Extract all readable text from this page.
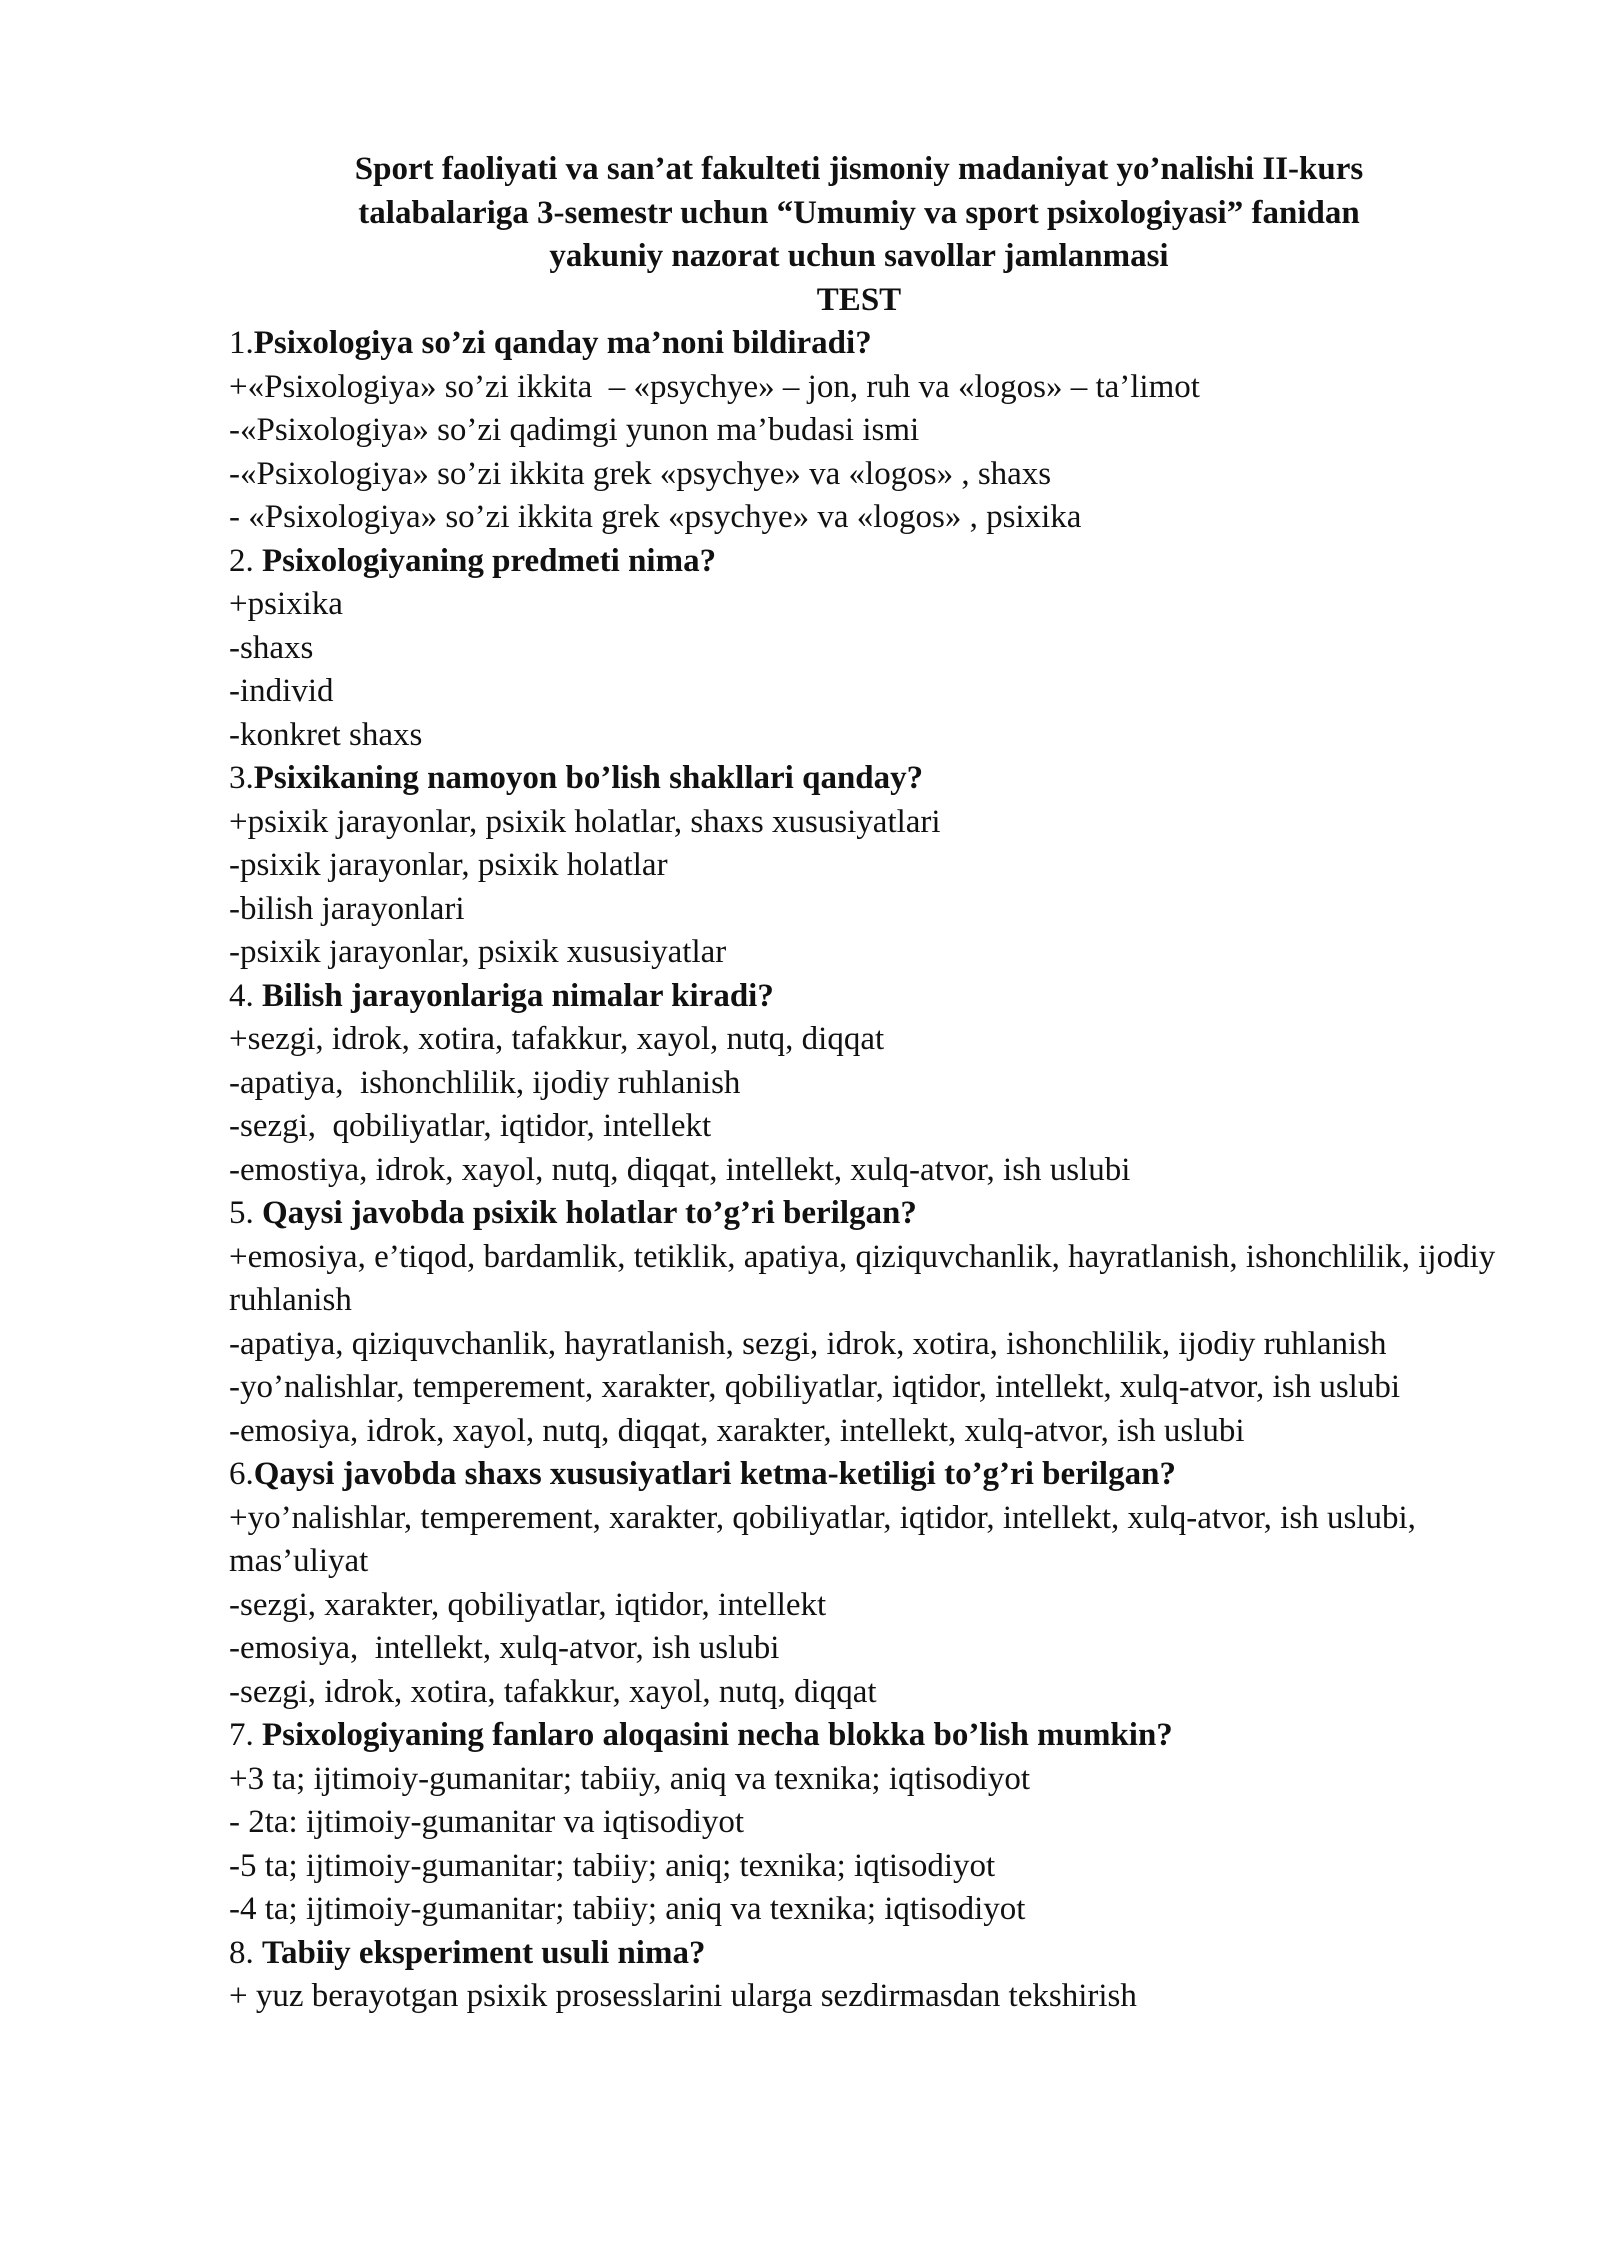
Sport faoliyati va san’at fakulteti jismoniy madaniyat yo’nalishi II-kurs
talabalariga 3-semestr uchun “Umumiy va sport psixologiyasi” fanidan
yakuniy nazorat uchun savollar jamlanmasi
TEST
1.Psixologiya so’zi qanday ma’noni bildiradi?
+«Psixologiya» so’zi ikkita  – «psychye» – jon, ruh va «logos» – ta’limot
-«Psixologiya» so’zi qadimgi yunon ma’budasi ismi
-«Psixologiya» so’zi ikkita grek «psychye» va «logos» , shaxs
- «Psixologiya» so’zi ikkita grek «psychye» va «logos» , psixika
2. Psixologiyaning predmeti nima?
+psixika
-shaxs
-individ
-konkret shaxs
3.Psixikaning namoyon bo’lish shakllari qanday?
+psixik jarayonlar, psixik holatlar, shaxs xususiyatlari
-psixik jarayonlar, psixik holatlar
-bilish jarayonlari
-psixik jarayonlar, psixik xususiyatlar
4. Bilish jarayonlariga nimalar kiradi?
+sezgi, idrok, xotira, tafakkur, xayol, nutq, diqqat
-apatiya,  ishonchlilik, ijodiy ruhlanish
-sezgi,  qobiliyatlar, iqtidor, intellekt
-emostiya, idrok, xayol, nutq, diqqat, intellekt, xulq-atvor, ish uslubi
5. Qaysi javobda psixik holatlar to’g’ri berilgan?
+emosiya, e’tiqod, bardamlik, tetiklik, apatiya, qiziquvchanlik, hayratlanish, ishonchlilik, ijodiy ruhlanish
-apatiya, qiziquvchanlik, hayratlanish, sezgi, idrok, xotira, ishonchlilik, ijodiy ruhlanish
-yo’nalishlar, temperement, xarakter, qobiliyatlar, iqtidor, intellekt, xulq-atvor, ish uslubi
-emosiya, idrok, xayol, nutq, diqqat, xarakter, intellekt, xulq-atvor, ish uslubi
6.Qaysi javobda shaxs xususiyatlari ketma-ketiligi to’g’ri berilgan?
+yo’nalishlar, temperement, xarakter, qobiliyatlar, iqtidor, intellekt, xulq-atvor, ish uslubi, mas’uliyat
-sezgi, xarakter, qobiliyatlar, iqtidor, intellekt
-emosiya,  intellekt, xulq-atvor, ish uslubi
-sezgi, idrok, xotira, tafakkur, xayol, nutq, diqqat
7. Psixologiyaning fanlaro aloqasini necha blokka bo’lish mumkin?
+3 ta; ijtimoiy-gumanitar; tabiiy, aniq va texnika; iqtisodiyot
- 2ta: ijtimoiy-gumanitar va iqtisodiyot
-5 ta; ijtimoiy-gumanitar; tabiiy; aniq; texnika; iqtisodiyot
-4 ta; ijtimoiy-gumanitar; tabiiy; aniq va texnika; iqtisodiyot
8. Tabiiy eksperiment usuli nima?
+ yuz berayotgan psixik prosesslarini ularga sezdirmasdan tekshirish
